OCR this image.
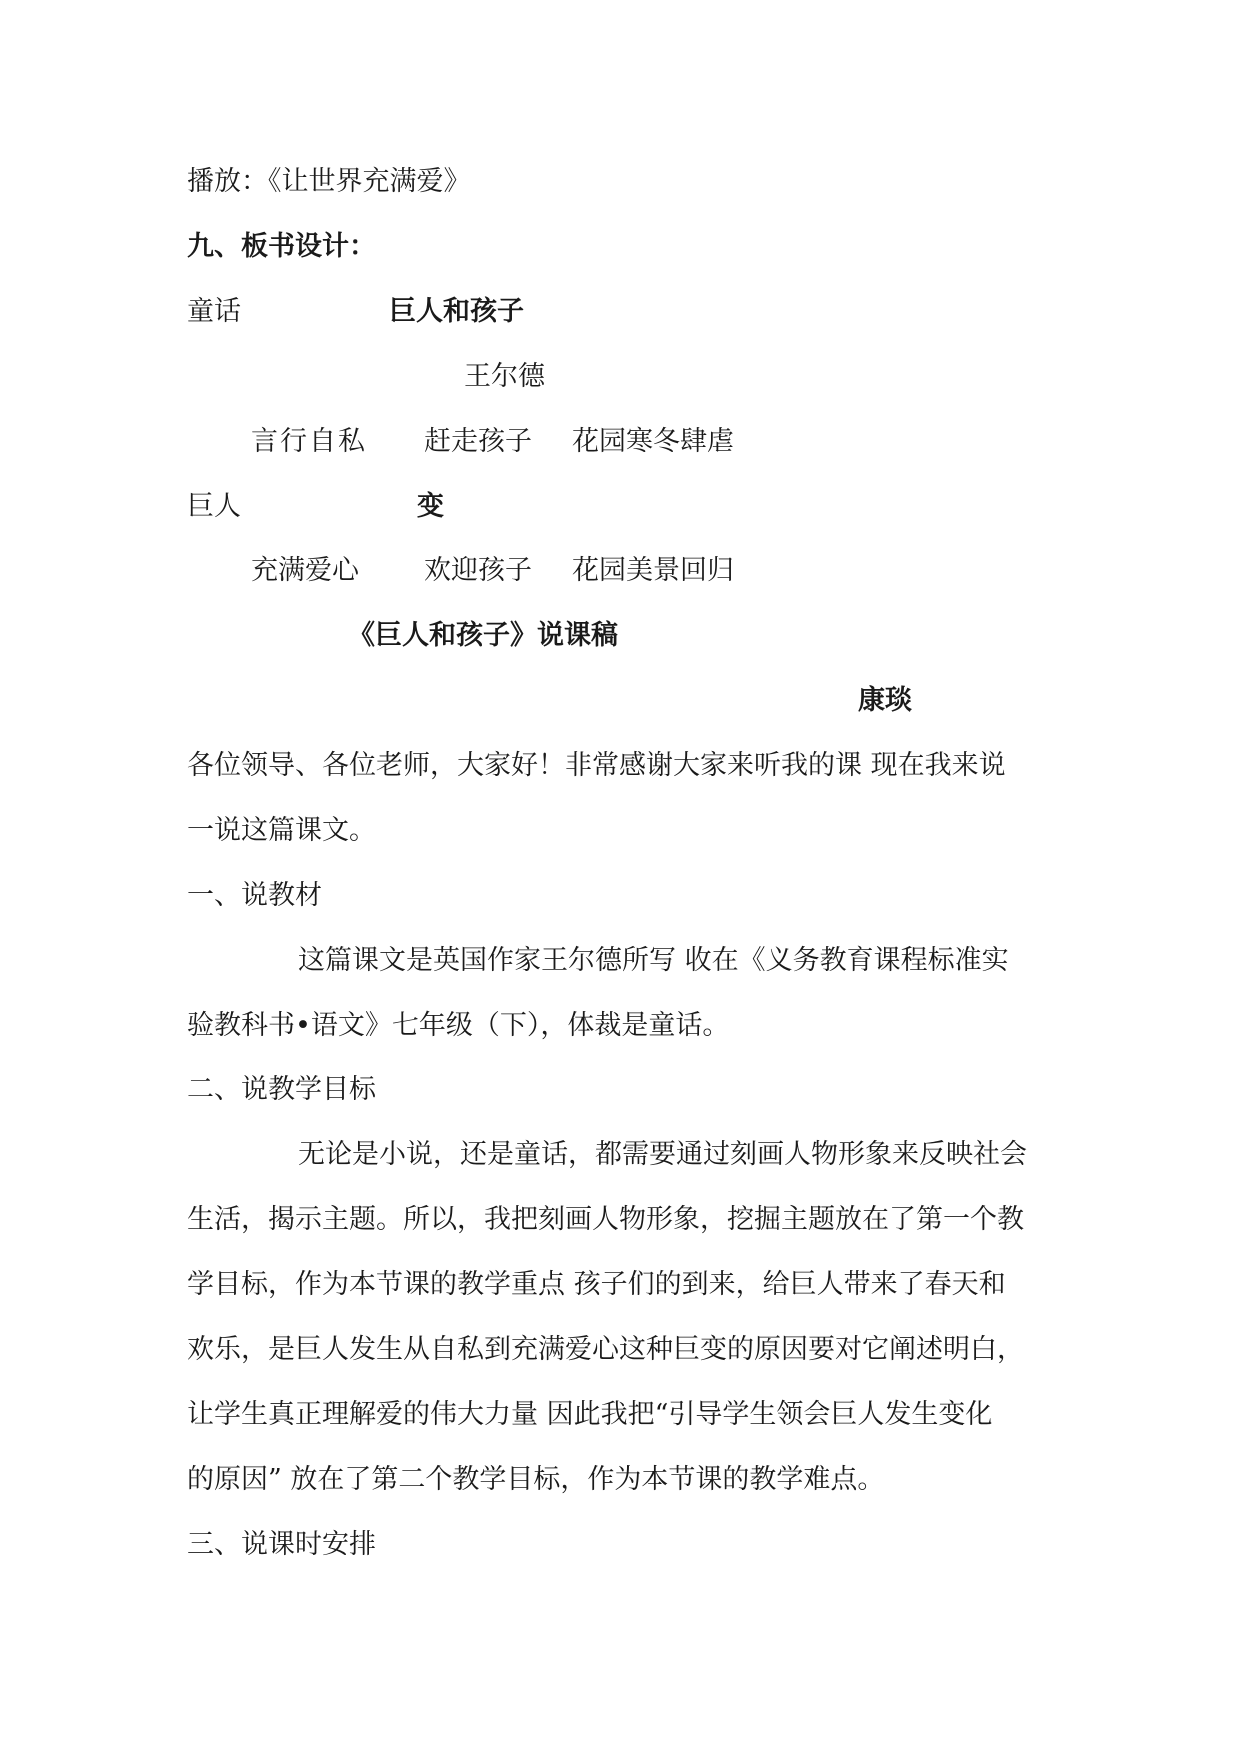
播放：《让世界充满爱》
九、板书设计：
童话	巨人和孩子
王尔德
言行自私 赶走孩子 花园寒冬肆虐
巨人	变
充满爱心 欢迎孩子 花园美景回归
《巨人和孩子》说课稿
康琰
各位领导、各位老师，大家好！非常感谢大家来听我的课 现在我来说
一说这篇课文。
一、说教材
这篇课文是英国作家王尔德所写 收在《义务教育课程标准实
验教科书•语文》七年级（下），体裁是童话。
二、说教学目标
无论是小说，还是童话，都需要通过刻画人物形象来反映社会
生活，揭示主题。所以，我把刻画人物形象，挖掘主题放在了第一个教
学目标，作为本节课的教学重点 孩子们的到来，给巨人带来了春天和
欢乐，是巨人发生从自私到充满爱心这种巨变的原因要对它阐述明白，
让学生真正理解爱的伟大力量 因此我把“引导学生领会巨人发生变化
的原因” 放在了第二个教学目标，作为本节课的教学难点。
三、说课时安排
